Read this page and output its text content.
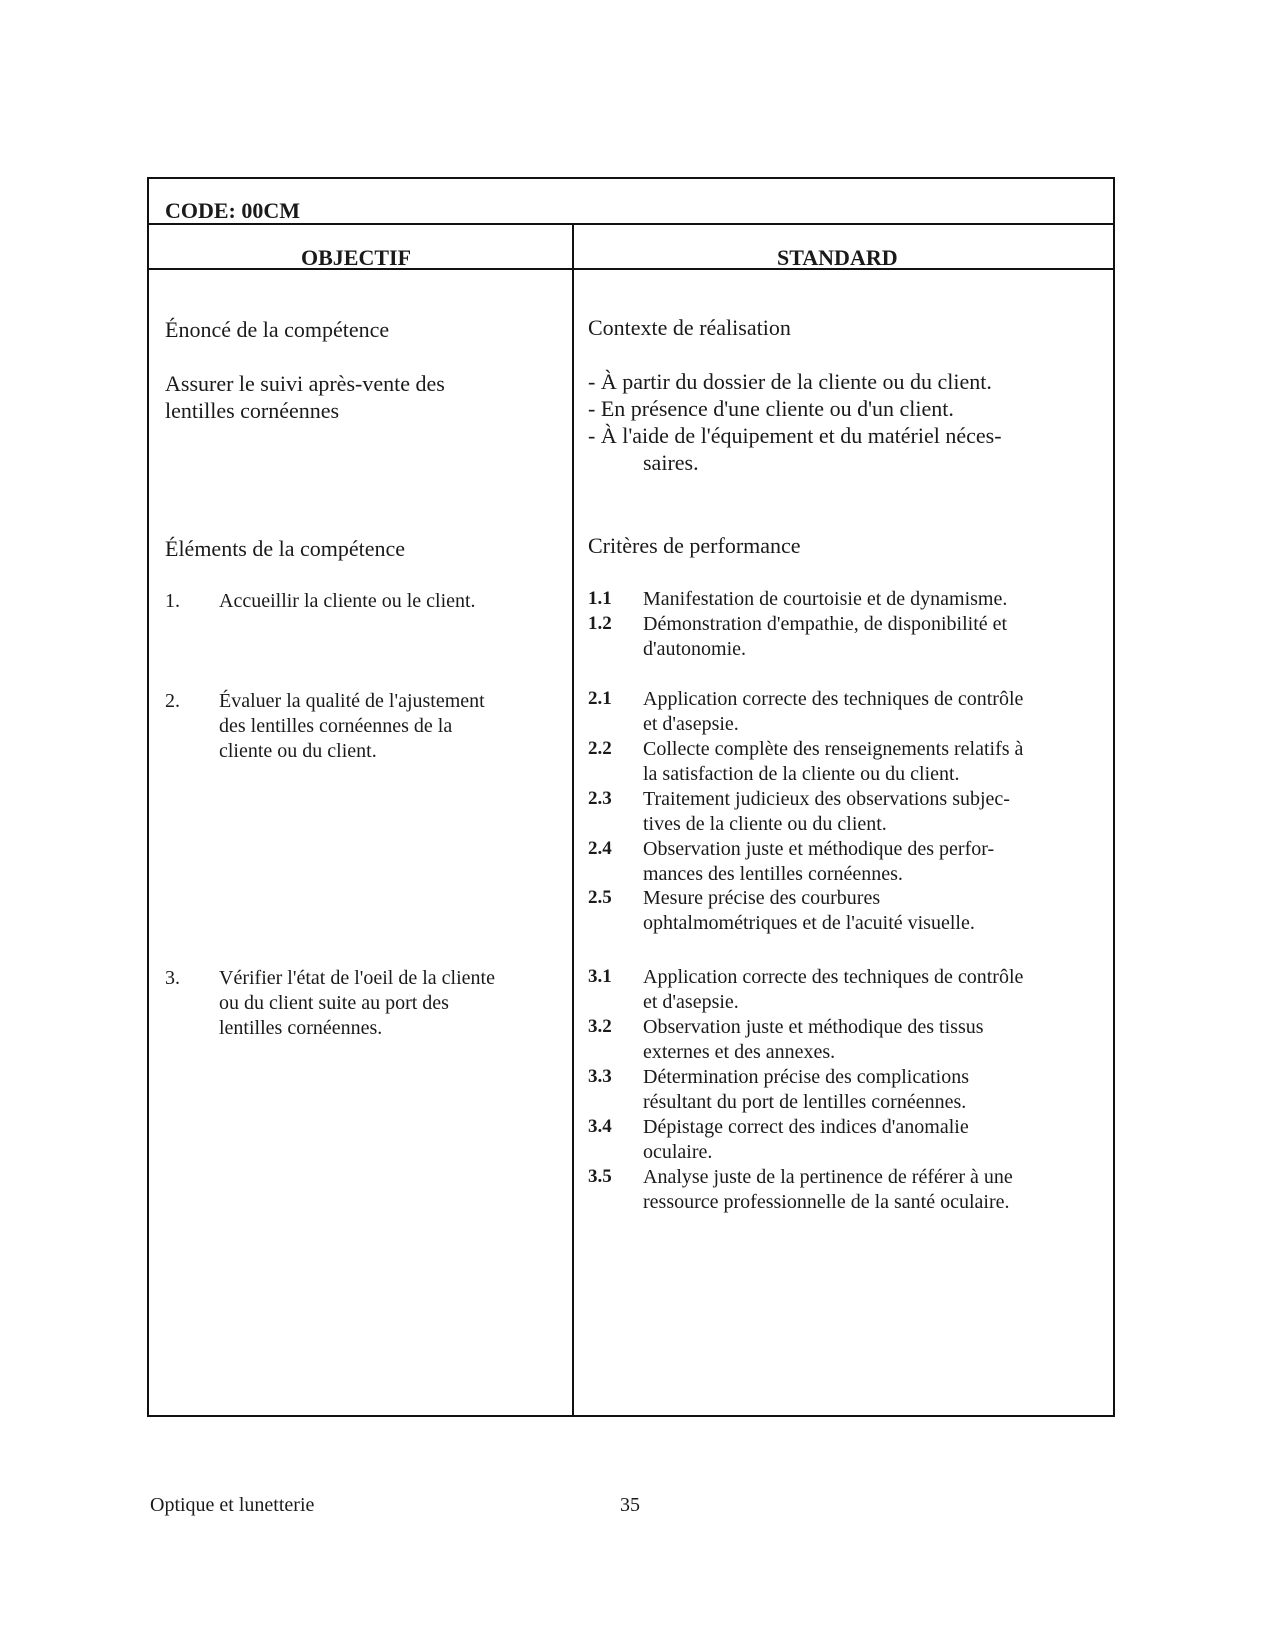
CODE: 00CM
OBJECTIF	STANDARD
Énoncé de la compétence
Assurer le suivi après-vente des
lentilles cornéennes
Éléments de la compétence
1. Accueillir la cliente ou le client.
2. Évaluer la qualité de l'ajustement
des lentilles cornéennes de la
cliente ou du client.
3. Vérifier l'état de l'oeil de la cliente
ou du client suite au port des
lentilles cornéennes.
Contexte de réalisation
- À partir du dossier de la cliente ou du client.
- En présence d'une cliente ou d'un client.
- À l'aide de l'équipement et du matériel néces-
saires.
Critères de performance
1.1 Manifestation de courtoisie et de dynamisme.
1.2 Démonstration d'empathie, de disponibilité et
d'autonomie.
2.1 Application correcte des techniques de contrôle
et d'asepsie.
2.2 Collecte complète des renseignements relatifs à
la satisfaction de la cliente ou du client.
2.3 Traitement judicieux des observations subjec-
tives de la cliente ou du client.
2.4 Observation juste et méthodique des perfor-
mances des lentilles cornéennes.
2.5 Mesure précise des courbures
ophtalmométriques et de l'acuité visuelle.
3.1 Application correcte des techniques de contrôle
et d'asepsie.
3.2 Observation juste et méthodique des tissus
externes et des annexes.
3.3 Détermination précise des complications
résultant du port de lentilles cornéennes.
3.4 Dépistage correct des indices d'anomalie
oculaire.
3.5 Analyse juste de la pertinence de référer à une
ressource professionnelle de la santé oculaire.
Optique et lunetterie	35
